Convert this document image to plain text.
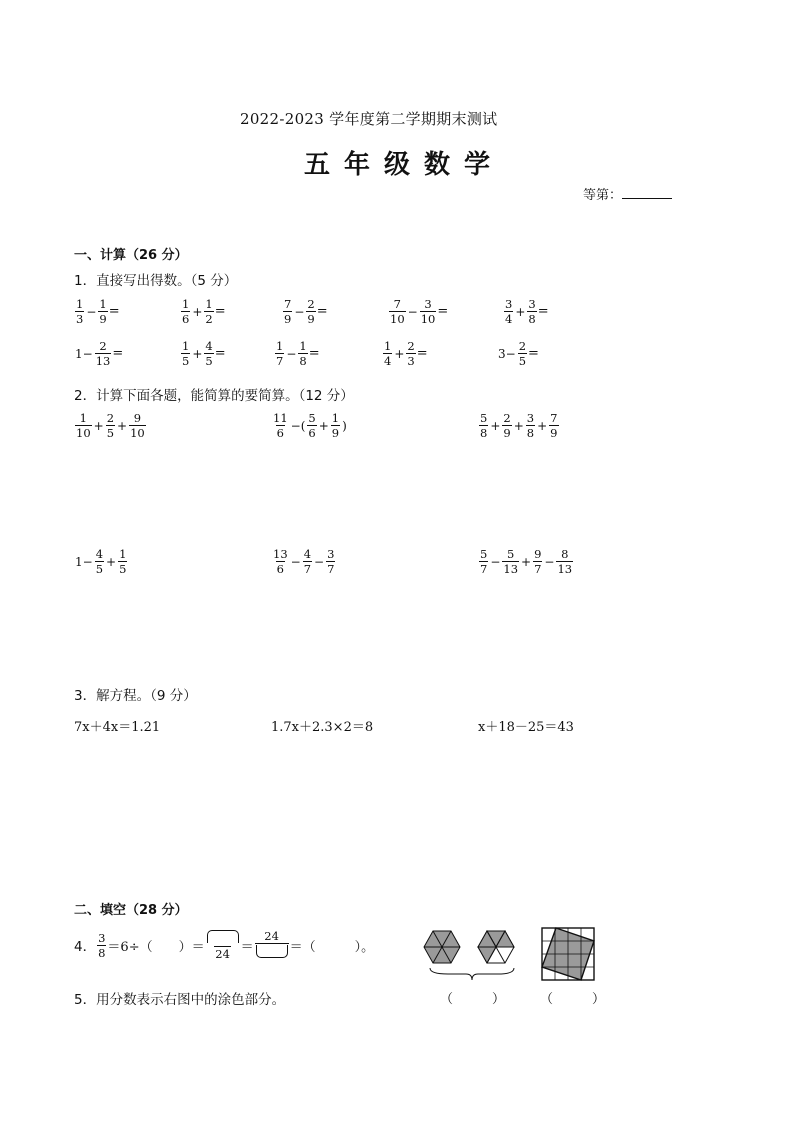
2022-2023 学年度第二学期期末测试
五年级数学
等第：
一、计算（26 分）
1．直接写出得数。（5 分）
$\frac{1}{3} - \frac{1}{9}$ =	$\frac{1}{6} + \frac{1}{2}$ =	$\frac{7}{9} - \frac{2}{9}$ =	$\frac{7}{10} - \frac{3}{10}$ =	$\frac{3}{4} + \frac{3}{8}$ =
$1- \frac{2}{13}$ =	$\frac{1}{5} + \frac{4}{5}$ =	$\frac{1}{7} - \frac{1}{8}$ =	$\frac{1}{4} + \frac{2}{3}$ =	$3- \frac{2}{5}$ =
2．计算下面各题，能简算的要简算。（12 分）
$\frac{1}{10} + \frac{2}{5} + \frac{9}{10}$	$\frac{11}{6}$ −( $\frac{5}{6} + \frac{1}{9}$ )	$\frac{5}{8} + \frac{2}{9} + \frac{3}{8} + \frac{7}{9}$
$1- \frac{4}{5} + \frac{1}{5}$	$\frac{13}{6} - \frac{4}{7} - \frac{3}{7}$	$\frac{5}{7} - \frac{5}{13} + \frac{9}{7} - \frac{8}{13}$
3．解方程。（9 分）
7x＋4x＝1.21	1.7x＋2.3×2＝8	x＋18－25＝43
二、填空（28 分）
4． $\frac{3}{8} =6\div$（　　）＝ 24 ＝
24
＝（　　　）。
5．用分数表示右图中的涂色部分。	（　　　）	（　　　）
